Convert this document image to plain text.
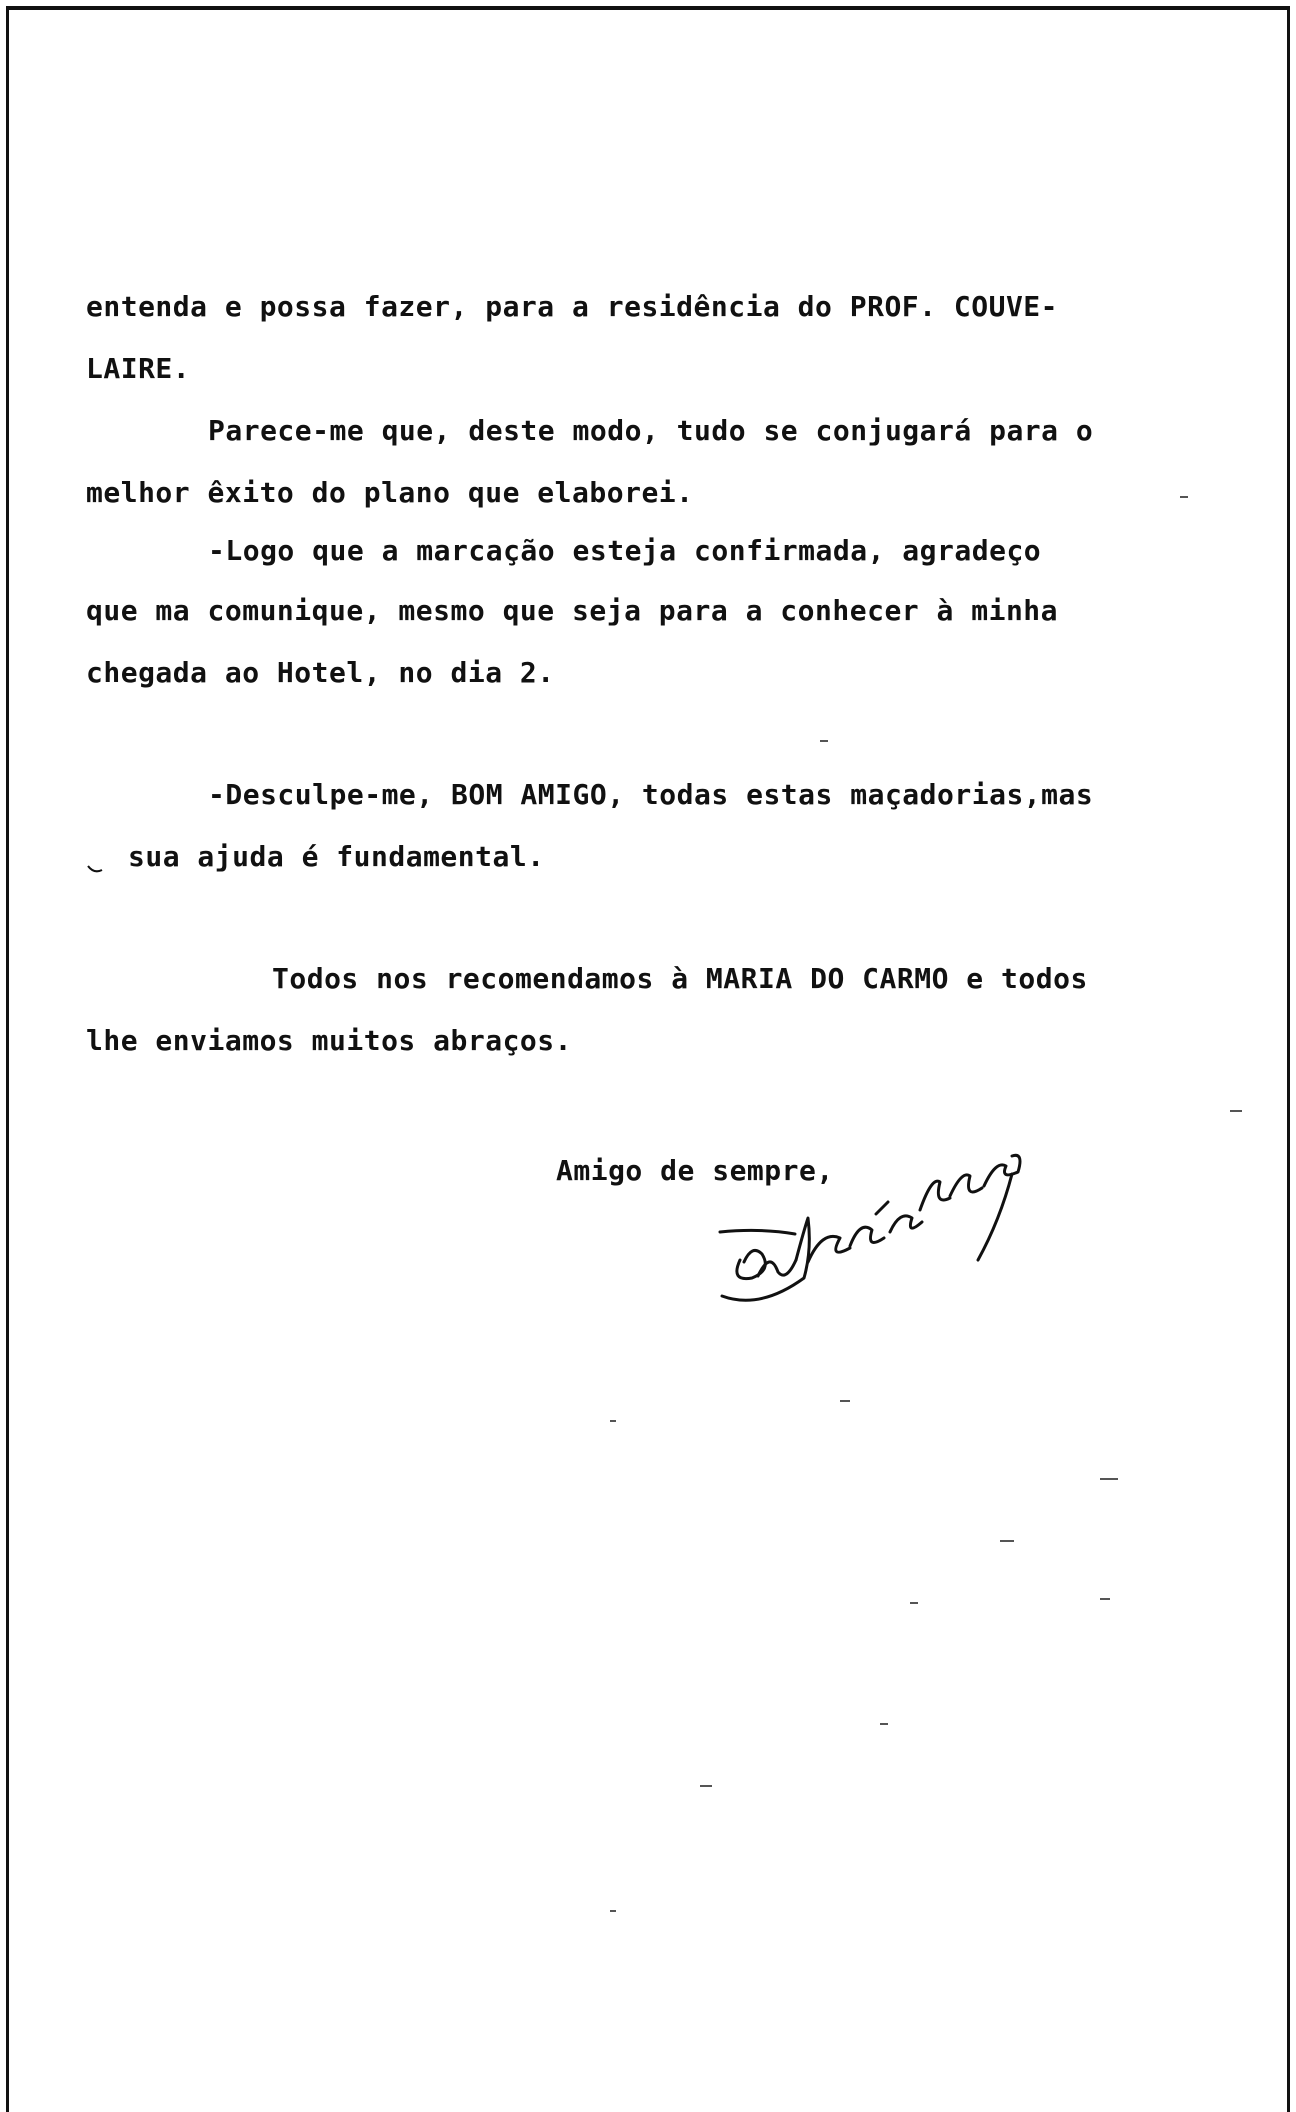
entenda e possa fazer, para a residência do PROF. COUVE-
LAIRE.
Parece-me que, deste modo, tudo se conjugará para o
melhor êxito do plano que elaborei.
-Logo que a marcação esteja confirmada, agradeço
que ma comunique, mesmo que seja para a conhecer à minha
chegada ao Hotel, no dia 2.
-Desculpe-me, BOM AMIGO, todas estas maçadorias,mas
sua ajuda é fundamental.
Todos nos recomendamos à MARIA DO CARMO e todos
lhe enviamos muitos abraços.
Amigo de sempre,
